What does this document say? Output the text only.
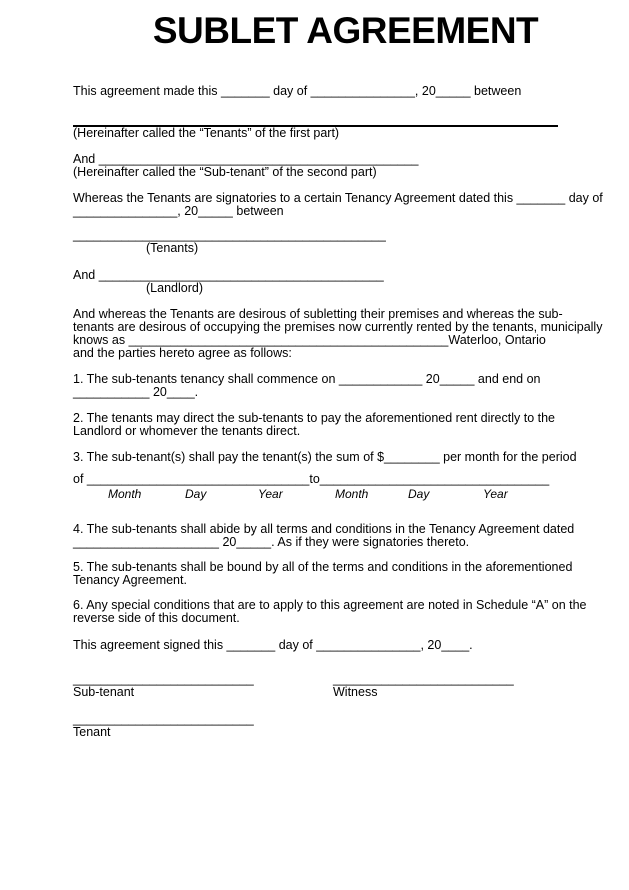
SUBLET AGREEMENT

This agreement made this _______ day of _______________, 20_____ between

(Hereinafter called the “Tenants” of the first part)

And ______________________________________________

(Hereinafter called the “Sub-tenant” of the second part)

Whereas the Tenants are signatories to a certain Tenancy Agreement dated this _______ day of

_______________, 20_____ between

_____________________________________________

(Tenants)

And _________________________________________

(Landlord)

And whereas the Tenants are desirous of subletting their premises and whereas the sub-

tenants are desirous of occupying the premises now currently rented by the tenants, municipally

knows as ______________________________________________Waterloo, Ontario

and the parties hereto agree as follows:

1. The sub-tenants tenancy shall commence on ____________ 20_____ and end on

___________ 20____.

2. The tenants may direct the sub-tenants to pay the aforementioned rent directly to the

Landlord or whomever the tenants direct.

3. The sub-tenant(s) shall pay the tenant(s) the sum of $________ per month for the period

of ________________________________to_________________________________

Month	Day	Year	Month	Day	Year

4. The sub-tenants shall abide by all terms and conditions in the Tenancy Agreement dated

_____________________ 20_____. As if they were signatories thereto.

5. The sub-tenants shall be bound by all of the terms and conditions in the aforementioned

Tenancy Agreement.

6. Any special conditions that are to apply to this agreement are noted in Schedule “A” on the

reverse side of this document.

This agreement signed this _______ day of _______________, 20____.

__________________________

Sub-tenant

__________________________

Witness

__________________________

Tenant
